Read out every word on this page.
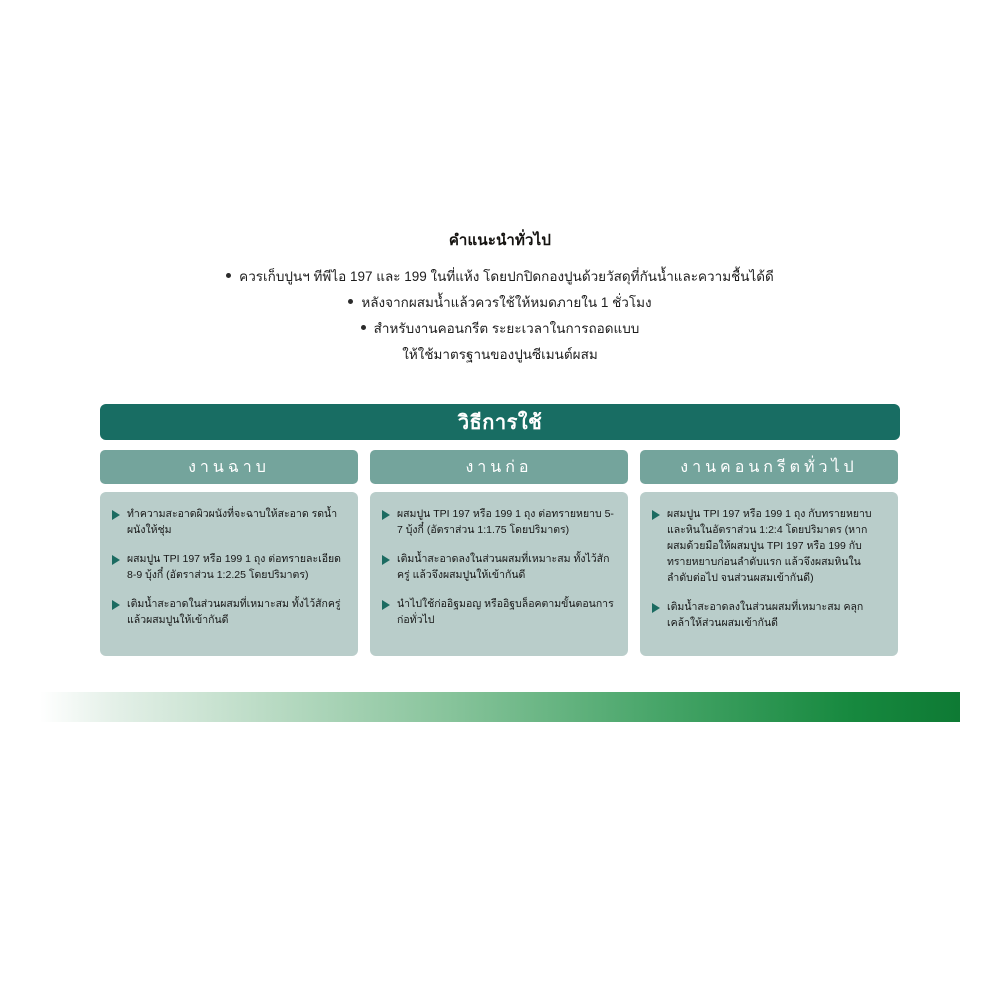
คำแนะนำทั่วไป
ควรเก็บปูนฯ ทีพีไอ 197 และ 199 ในที่แห้ง โดยปกปิดกองปูนด้วยวัสดุที่กันน้ำและความชื้นได้ดี
หลังจากผสมน้ำแล้วควรใช้ให้หมดภายใน 1 ชั่วโมง
สำหรับงานคอนกรีต ระยะเวลาในการถอดแบบ
ให้ใช้มาตรฐานของปูนซีเมนต์ผสม
วิธีการใช้
งานฉาบ
ทำความสะอาดผิวผนังที่จะฉาบให้สะอาด รดน้ำผนังให้ชุ่ม
ผสมปูน TPI 197 หรือ 199 1 ถุง ต่อทรายละเอียด 8-9 บุ้งกี๋ (อัตราส่วน 1:2.25 โดยปริมาตร)
เติมน้ำสะอาดในส่วนผสมที่เหมาะสม ทั้งไว้สักครู่ แล้วผสมปูนให้เข้ากันดี
งานก่อ
ผสมปูน TPI 197 หรือ 199 1 ถุง ต่อทรายหยาบ 5-7 บุ้งกี๋ (อัตราส่วน 1:1.75 โดยปริมาตร)
เติมน้ำสะอาดลงในส่วนผสมที่เหมาะสม ทั้งไว้สักครู่ แล้วจึงผสมปูนให้เข้ากันดี
นำไปใช้ก่ออิฐมอญ หรืออิฐบล็อคตามขั้นตอนการก่อทั่วไป
งานคอนกรีตทั่วไป
ผสมปูน TPI 197 หรือ 199 1 ถุง กับทรายหยาบและหินในอัตราส่วน 1:2:4 โดยปริมาตร (หากผสมด้วยมือให้ผสมปูน TPI 197 หรือ 199 กับทรายหยาบก่อนลำดับแรก แล้วจึงผสมหินในลำดับต่อไป จนส่วนผสมเข้ากันดี)
เติมน้ำสะอาดลงในส่วนผสมที่เหมาะสม คลุกเคล้าให้ส่วนผสมเข้ากันดี
